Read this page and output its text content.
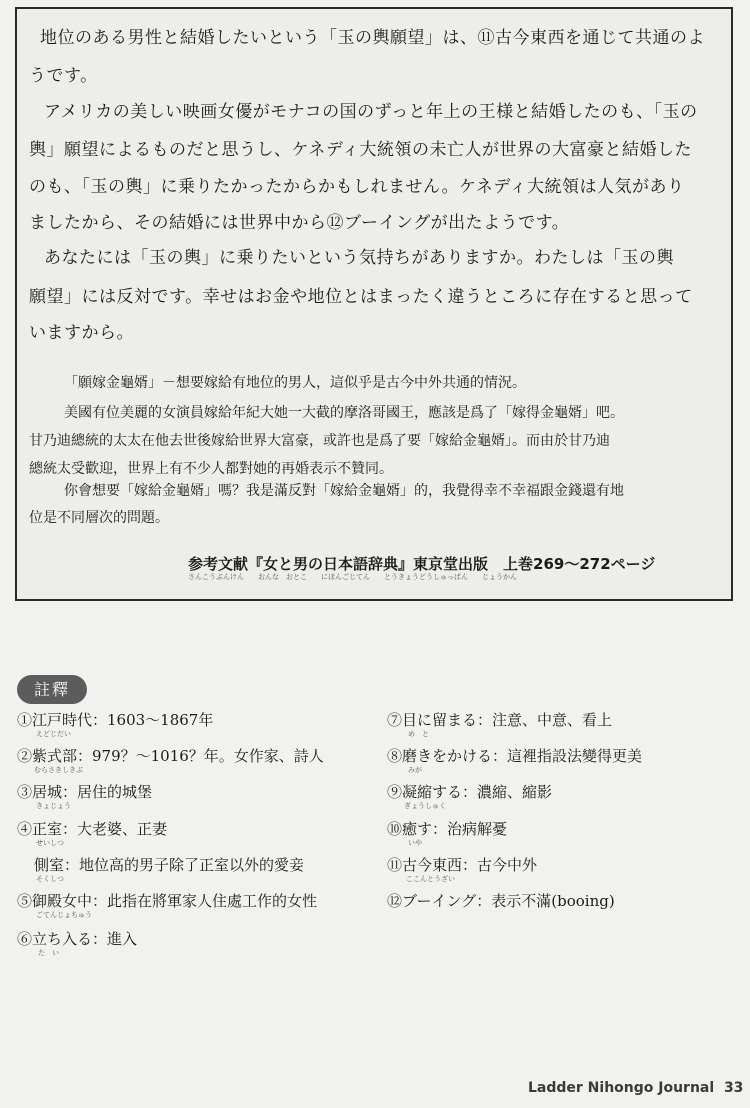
地位のある男性と結婚したいという「玉の輿願望」は、⑪古今東西を通じて共通のよ

うです。

アメリカの美しい映画女優がモナコの国のずっと年上の王様と結婚したのも、「玉の

輿」願望によるものだと思うし、ケネディ大統領の未亡人が世界の大富豪と結婚した

のも、「玉の輿」に乗りたかったからかもしれません。ケネディ大統領は人気があり

ましたから、その結婚には世界中から⑫ブーイングが出たようです。

あなたには「玉の輿」に乗りたいという気持ちがありますか。わたしは「玉の輿

願望」には反対です。幸せはお金や地位とはまったく違うところに存在すると思って

いますから。

「願嫁金龜婿」－想要嫁給有地位的男人，這似乎是古今中外共通的情況。

美國有位美麗的女演員嫁給年紀大她一大截的摩洛哥國王，應該是爲了「嫁得金龜婿」吧。

甘乃迪總統的太太在他去世後嫁給世界大富豪，或許也是爲了要「嫁給金龜婿」。而由於甘乃迪

總統太受歡迎，世界上有不少人都對她的再婚表示不贊同。

你會想要「嫁給金龜婿」嗎？我是滿反對「嫁給金龜婿」的，我覺得幸不幸福跟金錢還有地

位是不同層次的問題。

参考文献『女と男の日本語辞典』東京堂出版　上巻269～272ページ

さんこうぶんけん　　おんな　おとこ　　にほんごじてん　　とうきょうどうしゅっぱん　　じょうかん

註釋

①江戸時代：1603～1867年

えどじだい

②紫式部：979？～1016？年。女作家、詩人

むらさきしきぶ

③居城：居住的城堡

きょじょう

④正室：大老婆、正妻

せいしつ

側室：地位高的男子除了正室以外的愛妾

そくしつ

⑤御殿女中：此指在將軍家人住處工作的女性

ごてんじょちゅう

⑥立ち入る：進入

た　い

⑦目に留まる：注意、中意、看上

め　と

⑧磨きをかける：這裡指設法變得更美

みが

⑨凝縮する：濃縮、縮影

ぎょうしゅく

⑩癒す：治病解憂

いや

⑪古今東西：古今中外

ここんとうざい

⑫ブーイング：表示不滿(booing)

Ladder Nihongo Journal 33
